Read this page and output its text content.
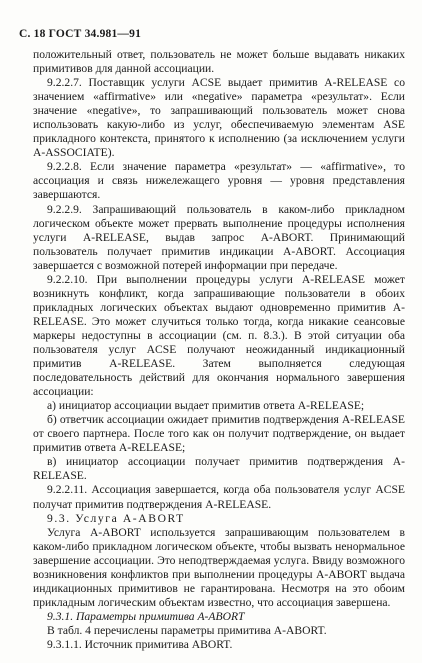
С. 18 ГОСТ 34.981—91

положительный ответ, пользователь не может больше выдавать никаких примитивов для данной ассоциации.

9.2.2.7. Поставщик услуги ACSE выдает примитив A-RELEASE со значением «affirmative» или «negative» параметра «результат». Если значение «negative», то запрашивающий пользователь может снова использовать какую-либо из услуг, обеспечиваемую элементам ASE прикладного контекста, принятого к исполнению (за исключением услуги A-ASSOCIATE).

9.2.2.8. Если значение параметра «результат» — «affirmative», то ассоциация и связь нижележащего уровня — уровня представления завершаются.

9.2.2.9. Запрашивающий пользователь в каком-либо прикладном логическом объекте может прервать выполнение процедуры исполнения услуги A-RELEASE, выдав запрос A-ABORT. Принимающий пользователь получает примитив индикации A-ABORT. Ассоциация завершается с возможной потерей информации при передаче.

9.2.2.10. При выполнении процедуры услуги A-RELEASE может возникнуть конфликт, когда запрашивающие пользователи в обоих прикладных логических объектах выдают одновременно примитив A-RELEASE. Это может случиться только тогда, когда никакие сеансовые маркеры недоступны в ассоциации (см. п. 8.3.). В этой ситуации оба пользователя услуг ACSE получают неожиданный индикационный примитив A-RELEASE. Затем выполняется следующая последовательность действий для окончания нормального завершения ассоциации:

а) инициатор ассоциации выдает примитив ответа A-RELEASE;

б) ответчик ассоциации ожидает примитив подтверждения A-RELEASE от своего партнера. После того как он получит подтверждение, он выдает примитив ответа A-RELEASE;

в) инициатор ассоциации получает примитив подтверждения A-RELEASE.

9.2.2.11. Ассоциация завершается, когда оба пользователя услуг ACSE получат примитив подтверждения A-RELEASE.

9.3. Услуга A-ABORT

Услуга A-ABORT используется запрашивающим пользователем в каком-либо прикладном логическом объекте, чтобы вызвать ненормальное завершение ассоциации. Это неподтверждаемая услуга. Ввиду возможного возникновения конфликтов при выполнении процедуры A-ABORT выдача индикационных примитивов не гарантирована. Несмотря на это обоим прикладным логическим объектам известно, что ассоциация завершена.

9.3.1. Параметры примитива A-ABORT

В табл. 4 перечислены параметры примитива A-ABORT.

9.3.1.1. Источник примитива ABORT.
